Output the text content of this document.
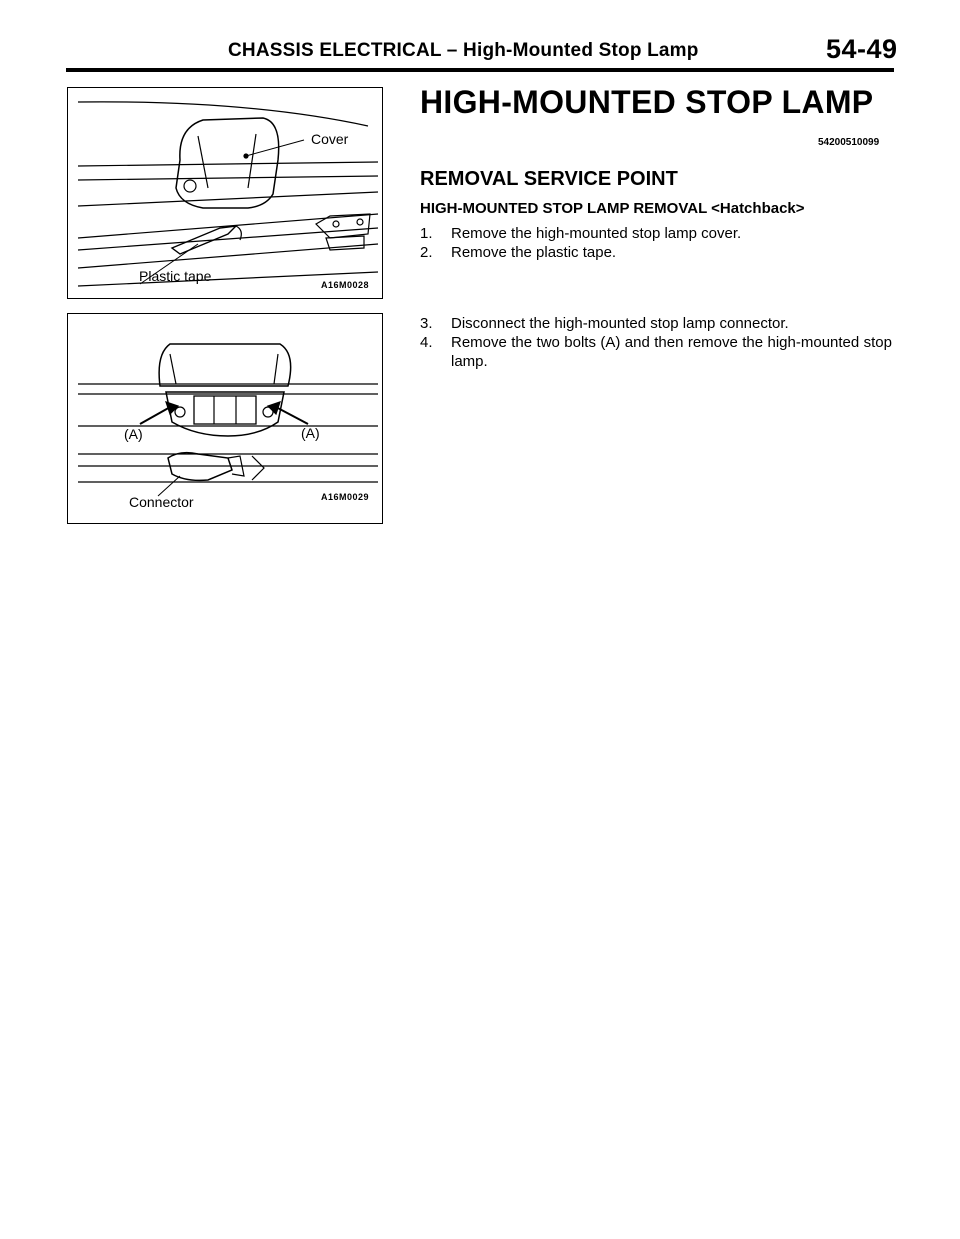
CHASSIS ELECTRICAL – High-Mounted Stop Lamp	54-49
Cover
Plastic tape
A16M0028
(A)	(A)
Connector	A16M0029
HIGH-MOUNTED STOP LAMP
54200510099
REMOVAL SERVICE POINT
HIGH-MOUNTED STOP LAMP REMOVAL <Hatchback>
1.	Remove the high-mounted stop lamp cover.
2.	Remove the plastic tape.
3.	Disconnect the high-mounted stop lamp connector.
4.	Remove the two bolts (A) and then remove the high-mounted stop lamp.
